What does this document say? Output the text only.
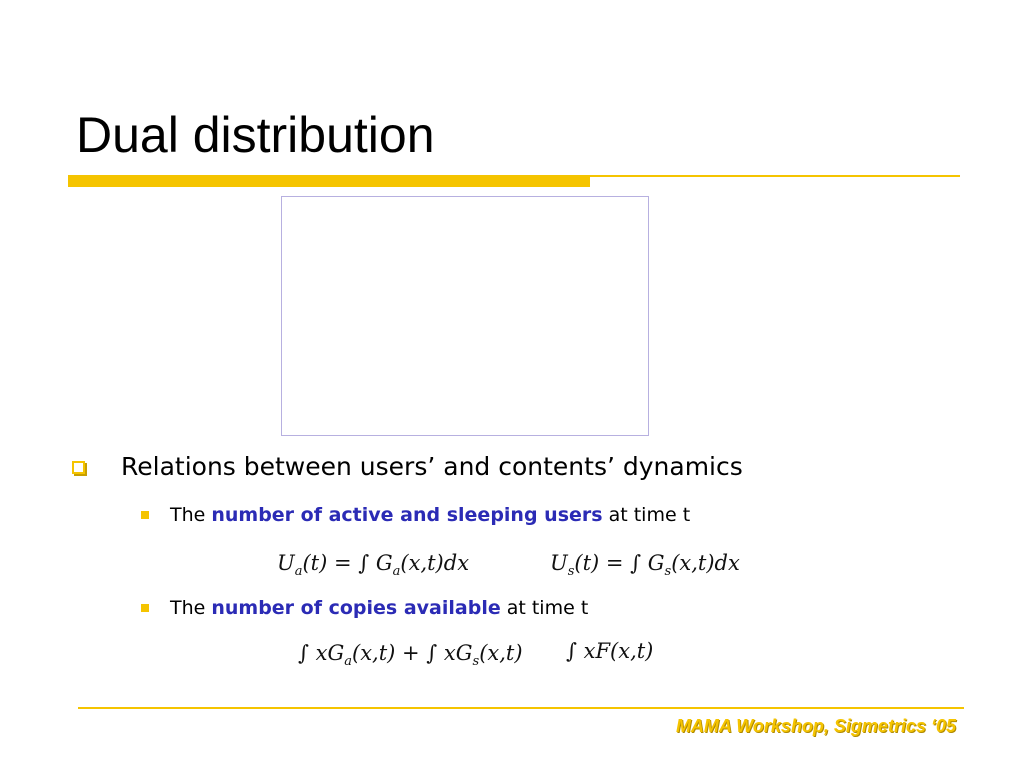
Dual distribution
Relations between users’ and contents’ dynamics
The number of active and sleeping users at time t
$U_a(t)$ = ∫ $G_a(x,t)dx$	$U_s(t)$ = ∫ $G_s(x,t)dx$
The number of copies available at time t
∫ $xG_a(x,t)$ + ∫ $xG_s(x,t)$ ∫ xF(x,t)
MAMA Workshop, Sigmetrics ‘05
